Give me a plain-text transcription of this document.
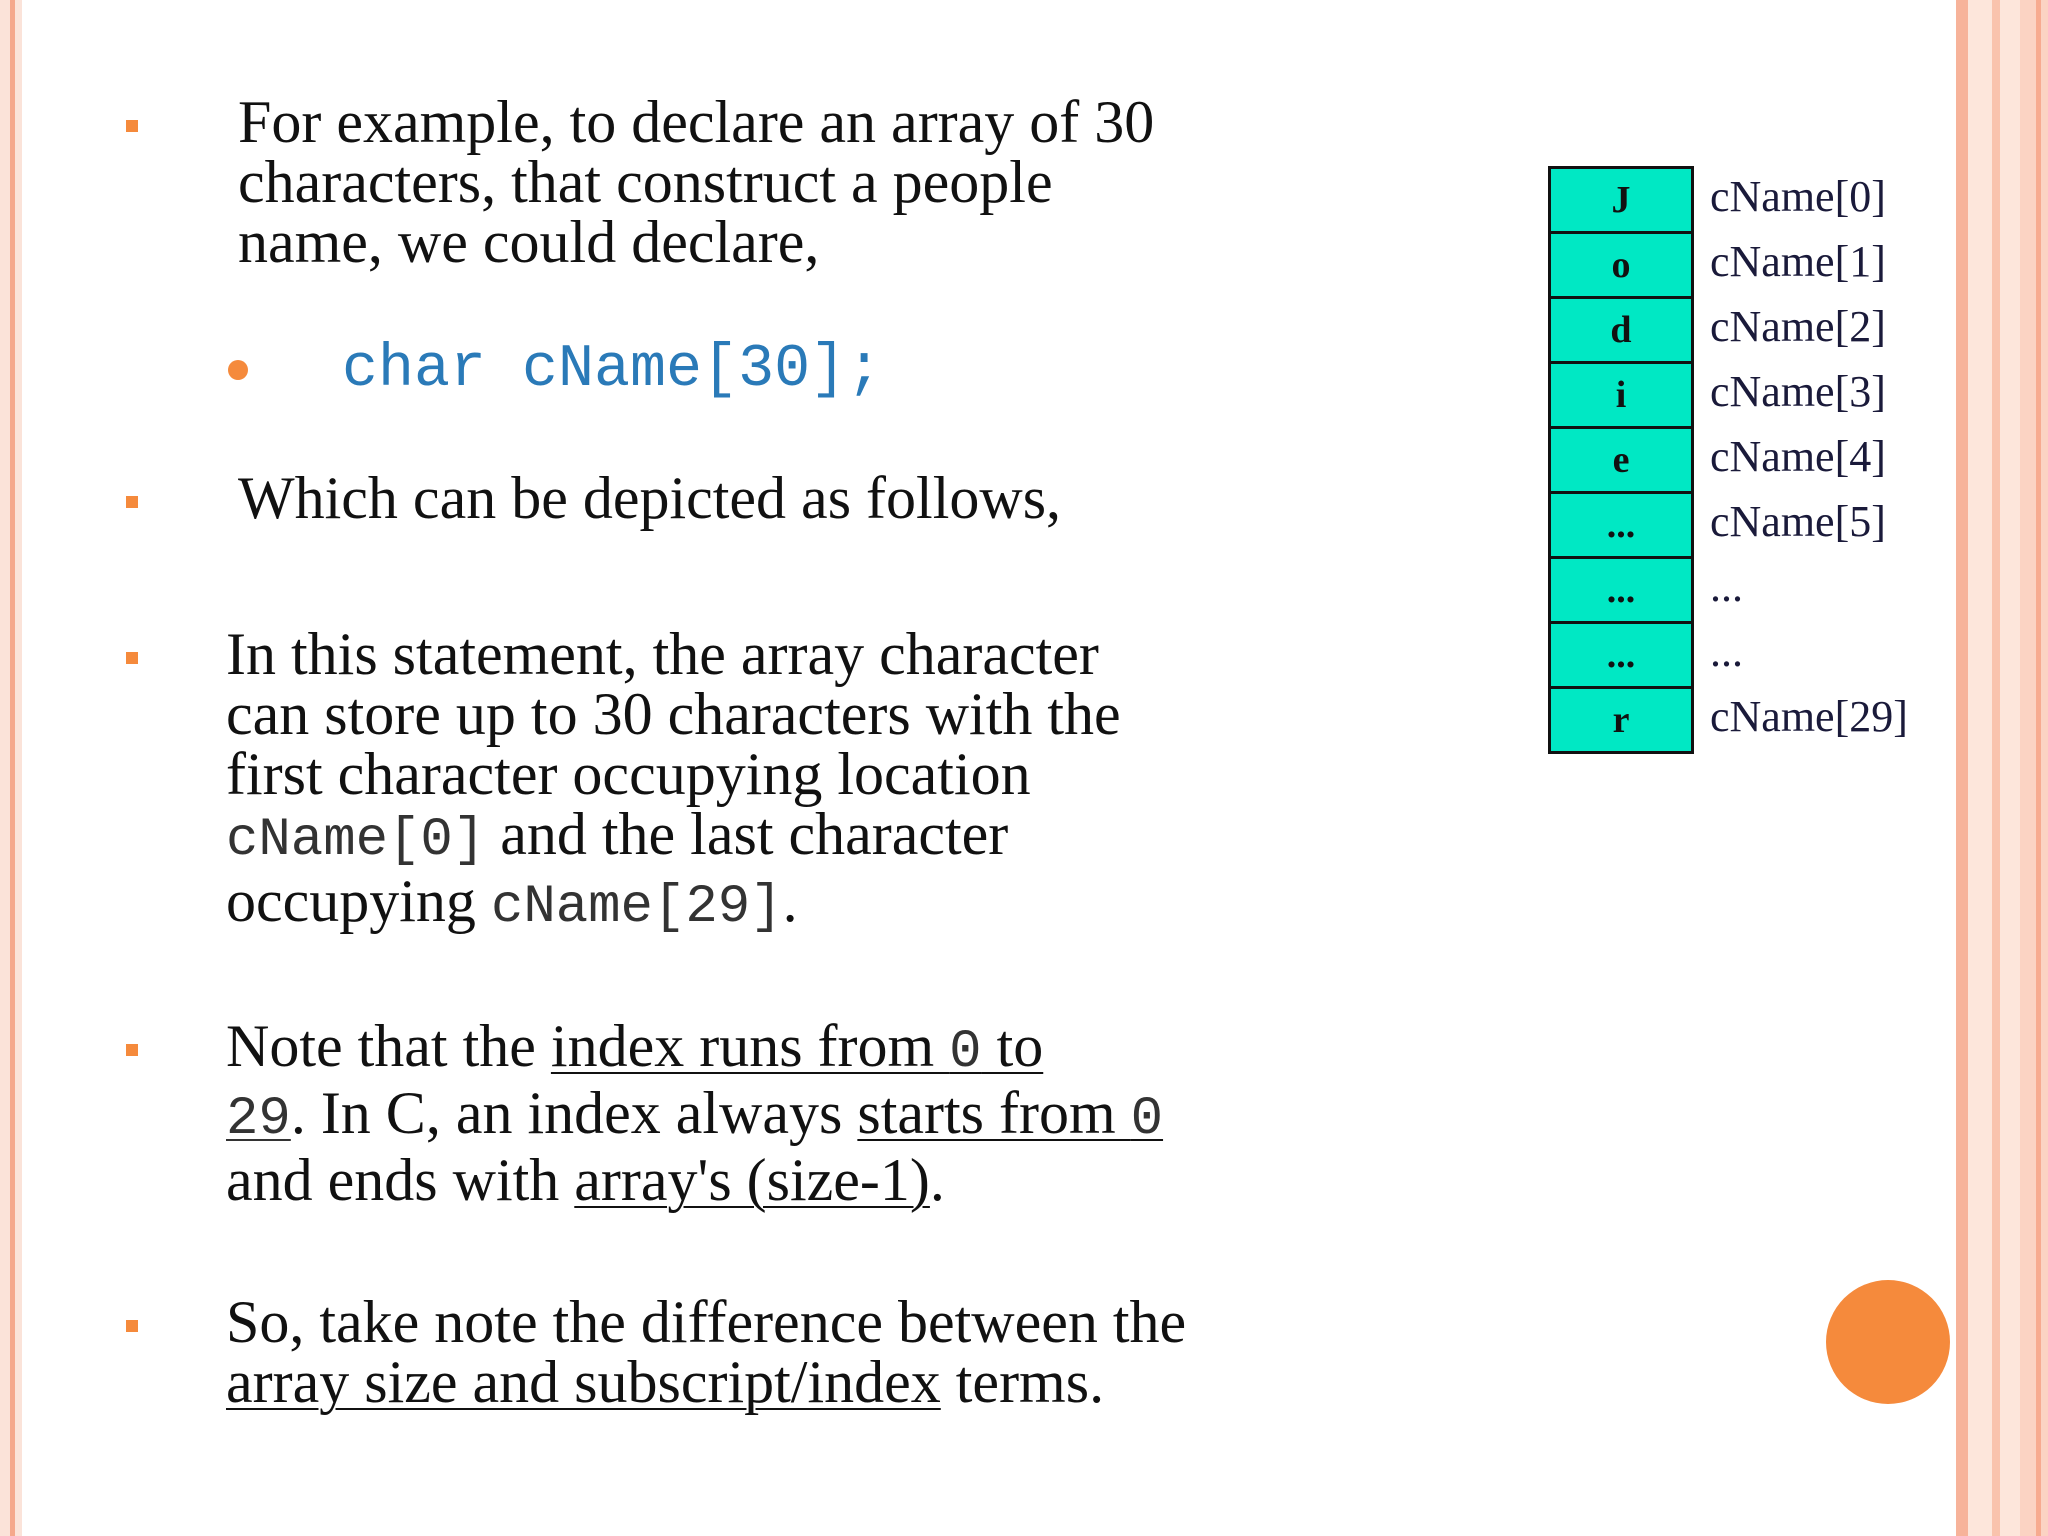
For example, to declare an array of 30
characters, that construct a people
name, we could declare,
char cName[30];
Which can be depicted as follows,
In this statement, the array character
can store up to 30 characters with the
first character occupying location
cName[0] and the last character
occupying cName[29].
Note that the index runs from 0 to
29. In C, an index always starts from 0
and ends with array's (size-1).
So, take note the difference between the
array size and subscript/index terms.
J
o
d
i
e
...
...
...
r
cName[0]
cName[1]
cName[2]
cName[3]
cName[4]
cName[5]
...
...
cName[29]
